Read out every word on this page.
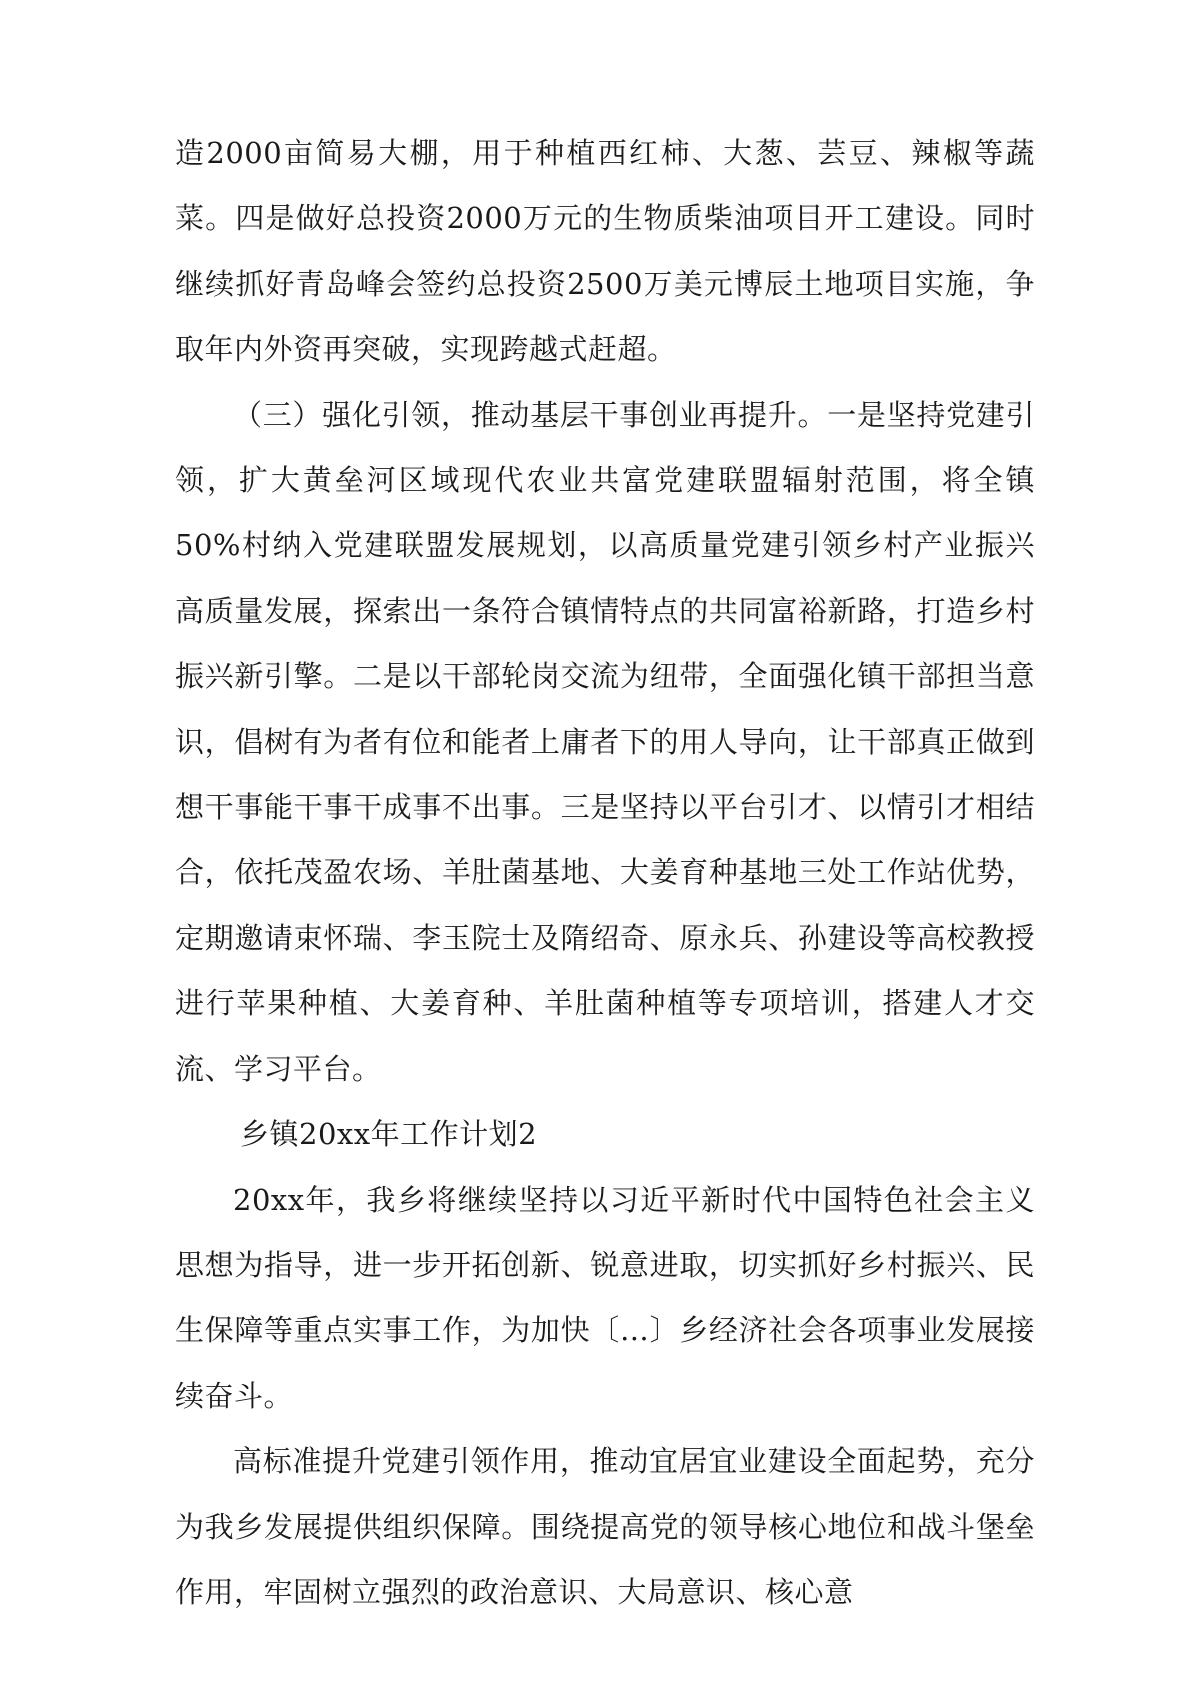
造2000亩简易大棚，用于种植西红柿、大葱、芸豆、辣椒等蔬菜。四是做好总投资2000万元的生物质柴油项目开工建设。同时继续抓好青岛峰会签约总投资2500万美元博辰土地项目实施，争取年内外资再突破，实现跨越式赶超。

（三）强化引领，推动基层干事创业再提升。一是坚持党建引领，扩大黄垒河区域现代农业共富党建联盟辐射范围，将全镇50%村纳入党建联盟发展规划，以高质量党建引领乡村产业振兴高质量发展，探索出一条符合镇情特点的共同富裕新路，打造乡村振兴新引擎。二是以干部轮岗交流为纽带，全面强化镇干部担当意识，倡树有为者有位和能者上庸者下的用人导向，让干部真正做到想干事能干事干成事不出事。三是坚持以平台引才、以情引才相结合，依托茂盈农场、羊肚菌基地、大姜育种基地三处工作站优势，定期邀请束怀瑞、李玉院士及隋绍奇、原永兵、孙建设等高校教授进行苹果种植、大姜育种、羊肚菌种植等专项培训，搭建人才交流、学习平台。

乡镇20xx年工作计划2

20xx年，我乡将继续坚持以习近平新时代中国特色社会主义思想为指导，进一步开拓创新、锐意进取，切实抓好乡村振兴、民生保障等重点实事工作，为加快〔…〕乡经济社会各项事业发展接续奋斗。

高标准提升党建引领作用，推动宜居宜业建设全面起势，充分为我乡发展提供组织保障。围绕提高党的领导核心地位和战斗堡垒作用，牢固树立强烈的政治意识、大局意识、核心意
